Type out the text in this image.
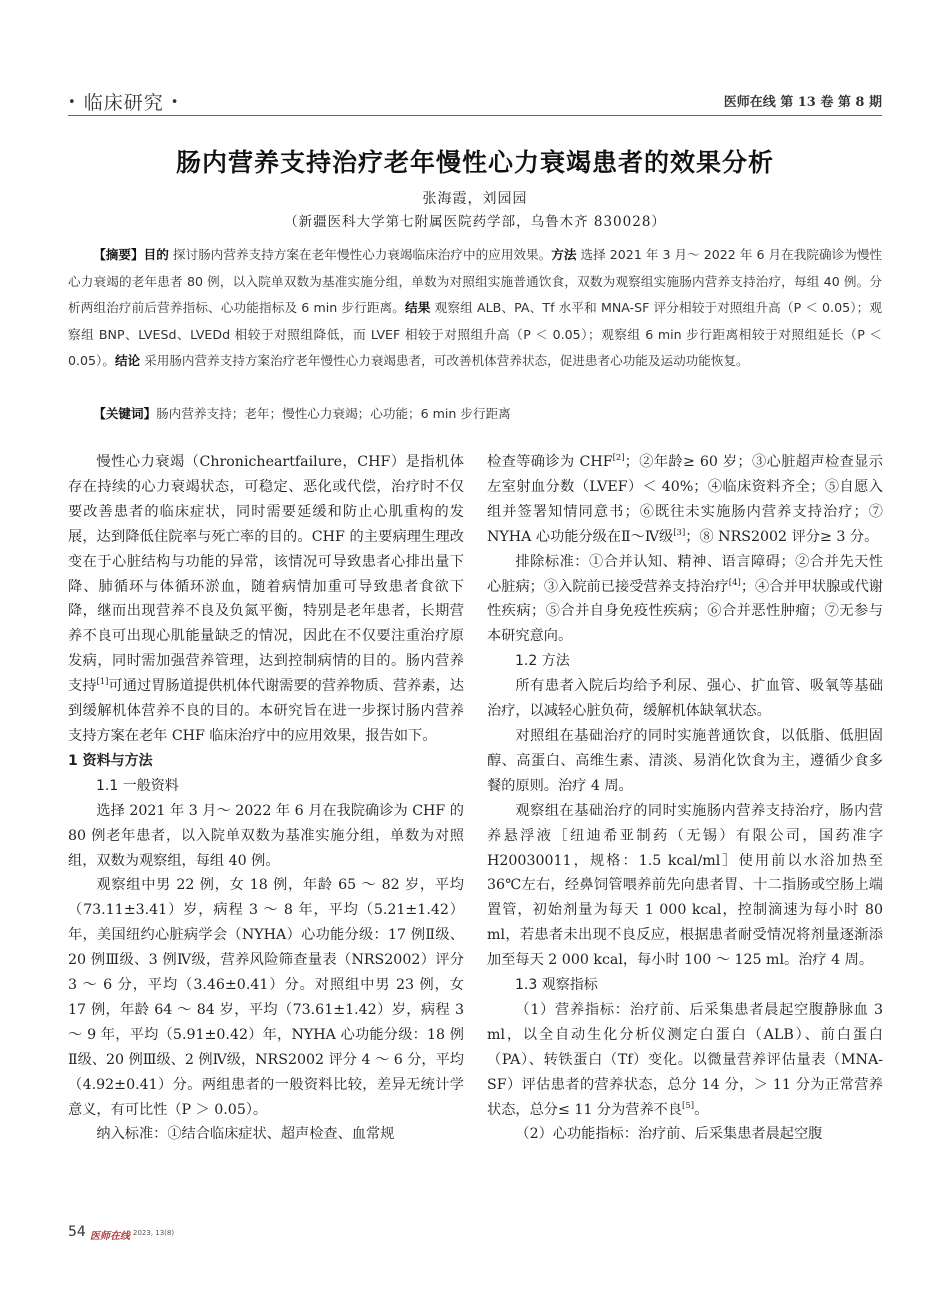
• 临床研究 •	医师在线 第 13 卷 第 8 期
肠内营养支持治疗老年慢性心力衰竭患者的效果分析
张海霞，刘园园
（新疆医科大学第七附属医院药学部，乌鲁木齐 830028）
【摘要】目的 探讨肠内营养支持方案在老年慢性心力衰竭临床治疗中的应用效果。方法 选择 2021 年 3 月～ 2022 年 6 月在我院确诊为慢性心力衰竭的老年患者 80 例，以入院单双数为基准实施分组，单数为对照组实施普通饮食，双数为观察组实施肠内营养支持治疗，每组 40 例。分析两组治疗前后营养指标、心功能指标及 6 min 步行距离。结果 观察组 ALB、PA、Tf 水平和 MNA-SF 评分相较于对照组升高（P ＜ 0.05）；观察组 BNP、LVESd、LVEDd 相较于对照组降低，而 LVEF 相较于对照组升高（P ＜ 0.05）；观察组 6 min 步行距离相较于对照组延长（P ＜ 0.05）。结论 采用肠内营养支持方案治疗老年慢性心力衰竭患者，可改善机体营养状态，促进患者心功能及运动功能恢复。
【关键词】肠内营养支持；老年；慢性心力衰竭；心功能；6 min 步行距离

慢性心力衰竭（Chronicheartfailure，CHF）是指机体存在持续的心力衰竭状态，可稳定、恶化或代偿，治疗时不仅要改善患者的临床症状，同时需要延缓和防止心肌重构的发展，达到降低住院率与死亡率的目的。CHF 的主要病理生理改变在于心脏结构与功能的异常，该情况可导致患者心排出量下降、肺循环与体循环淤血，随着病情加重可导致患者食欲下降，继而出现营养不良及负氮平衡，特别是老年患者，长期营养不良可出现心肌能量缺乏的情况，因此在不仅要注重治疗原发病，同时需加强营养管理，达到控制病情的目的。肠内营养支持[1]可通过胃肠道提供机体代谢需要的营养物质、营养素，达到缓解机体营养不良的目的。本研究旨在进一步探讨肠内营养支持方案在老年 CHF 临床治疗中的应用效果，报告如下。

1 资料与方法
1.1 一般资料

选择 2021 年 3 月～ 2022 年 6 月在我院确诊为 CHF 的 80 例老年患者，以入院单双数为基准实施分组，单数为对照组，双数为观察组，每组 40 例。

观察组中男 22 例，女 18 例，年龄 65 ～ 82 岁，平均（73.11±3.41）岁，病程 3 ～ 8 年，平均（5.21±1.42）年，美国纽约心脏病学会（NYHA）心功能分级：17 例Ⅱ级、20 例Ⅲ级、3 例Ⅳ级，营养风险筛查量表（NRS2002）评分 3 ～ 6 分，平均（3.46±0.41）分。对照组中男 23 例，女 17 例，年龄 64 ～ 84 岁，平均（73.61±1.42）岁，病程 3 ～ 9 年，平均（5.91±0.42）年，NYHA 心功能分级：18 例Ⅱ级、20 例Ⅲ级、2 例Ⅳ级，NRS2002 评分 4 ～ 6 分，平均（4.92±0.41）分。两组患者的一般资料比较，差异无统计学意义，有可比性（P ＞ 0.05）。

纳入标准：①结合临床症状、超声检查、血常规

检查等确诊为 CHF[2]；②年龄≥ 60 岁；③心脏超声检查显示左室射血分数（LVEF）＜ 40%；④临床资料齐全；⑤自愿入组并签署知情同意书；⑥既往未实施肠内营养支持治疗；⑦ NYHA 心功能分级在Ⅱ～Ⅳ级[3]；⑧ NRS2002 评分≥ 3 分。

排除标准：①合并认知、精神、语言障碍；②合并先天性心脏病；③入院前已接受营养支持治疗[4]；④合并甲状腺或代谢性疾病；⑤合并自身免疫性疾病；⑥合并恶性肿瘤；⑦无参与本研究意向。

1.2 方法

所有患者入院后均给予利尿、强心、扩血管、吸氧等基础治疗，以减轻心脏负荷，缓解机体缺氧状态。

对照组在基础治疗的同时实施普通饮食，以低脂、低胆固醇、高蛋白、高维生素、清淡、易消化饮食为主，遵循少食多餐的原则。治疗 4 周。

观察组在基础治疗的同时实施肠内营养支持治疗，肠内营养悬浮液［纽迪希亚制药（无锡）有限公司，国药准字 H20030011，规格：1.5 kcal/ml］使用前以水浴加热至 36℃左右，经鼻饲管喂养前先向患者胃、十二指肠或空肠上端置管，初始剂量为每天 1 000 kcal，控制滴速为每小时 80 ml，若患者未出现不良反应，根据患者耐受情况将剂量逐渐添加至每天 2 000 kcal，每小时 100 ～ 125 ml。治疗 4 周。

1.3 观察指标

（1）营养指标：治疗前、后采集患者晨起空腹静脉血 3 ml，以全自动生化分析仪测定白蛋白（ALB）、前白蛋白（PA）、转铁蛋白（Tf）变化。以微量营养评估量表（MNA-SF）评估患者的营养状态，总分 14 分，＞ 11 分为正常营养状态，总分≤ 11 分为营养不良[5]。

（2）心功能指标：治疗前、后采集患者晨起空腹

54 医师在线 2023, 13(8)
